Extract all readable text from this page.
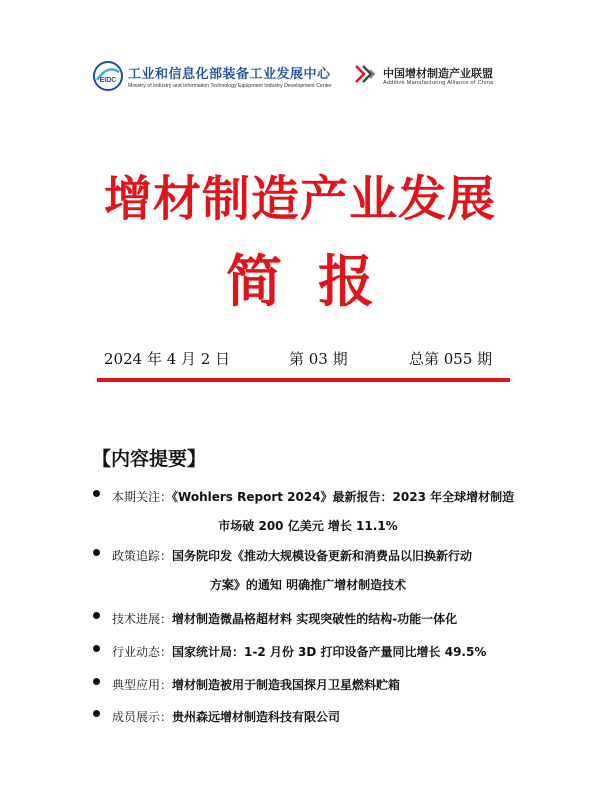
EIDC 工业和信息化部装备工业发展中心
Ministry of Industry and Information Technology Equipment Industry Development Center
中国增材制造产业联盟
Additive Manufacturing Alliance of China
增材制造产业发展
简报
2024 年 4 月 2 日	第 03 期	总第 055 期
【内容提要】
本期关注：《Wohlers Report 2024》最新报告：2023 年全球增材制造
市场破 200 亿美元 增长 11.1%
政策追踪：国务院印发《推动大规模设备更新和消费品以旧换新行动
方案》的通知 明确推广增材制造技术
技术进展：增材制造微晶格超材料 实现突破性的结构-功能一体化
行业动态：国家统计局：1-2 月份 3D 打印设备产量同比增长 49.5%
典型应用：增材制造被用于制造我国探月卫星燃料贮箱
成员展示：贵州森远增材制造科技有限公司
